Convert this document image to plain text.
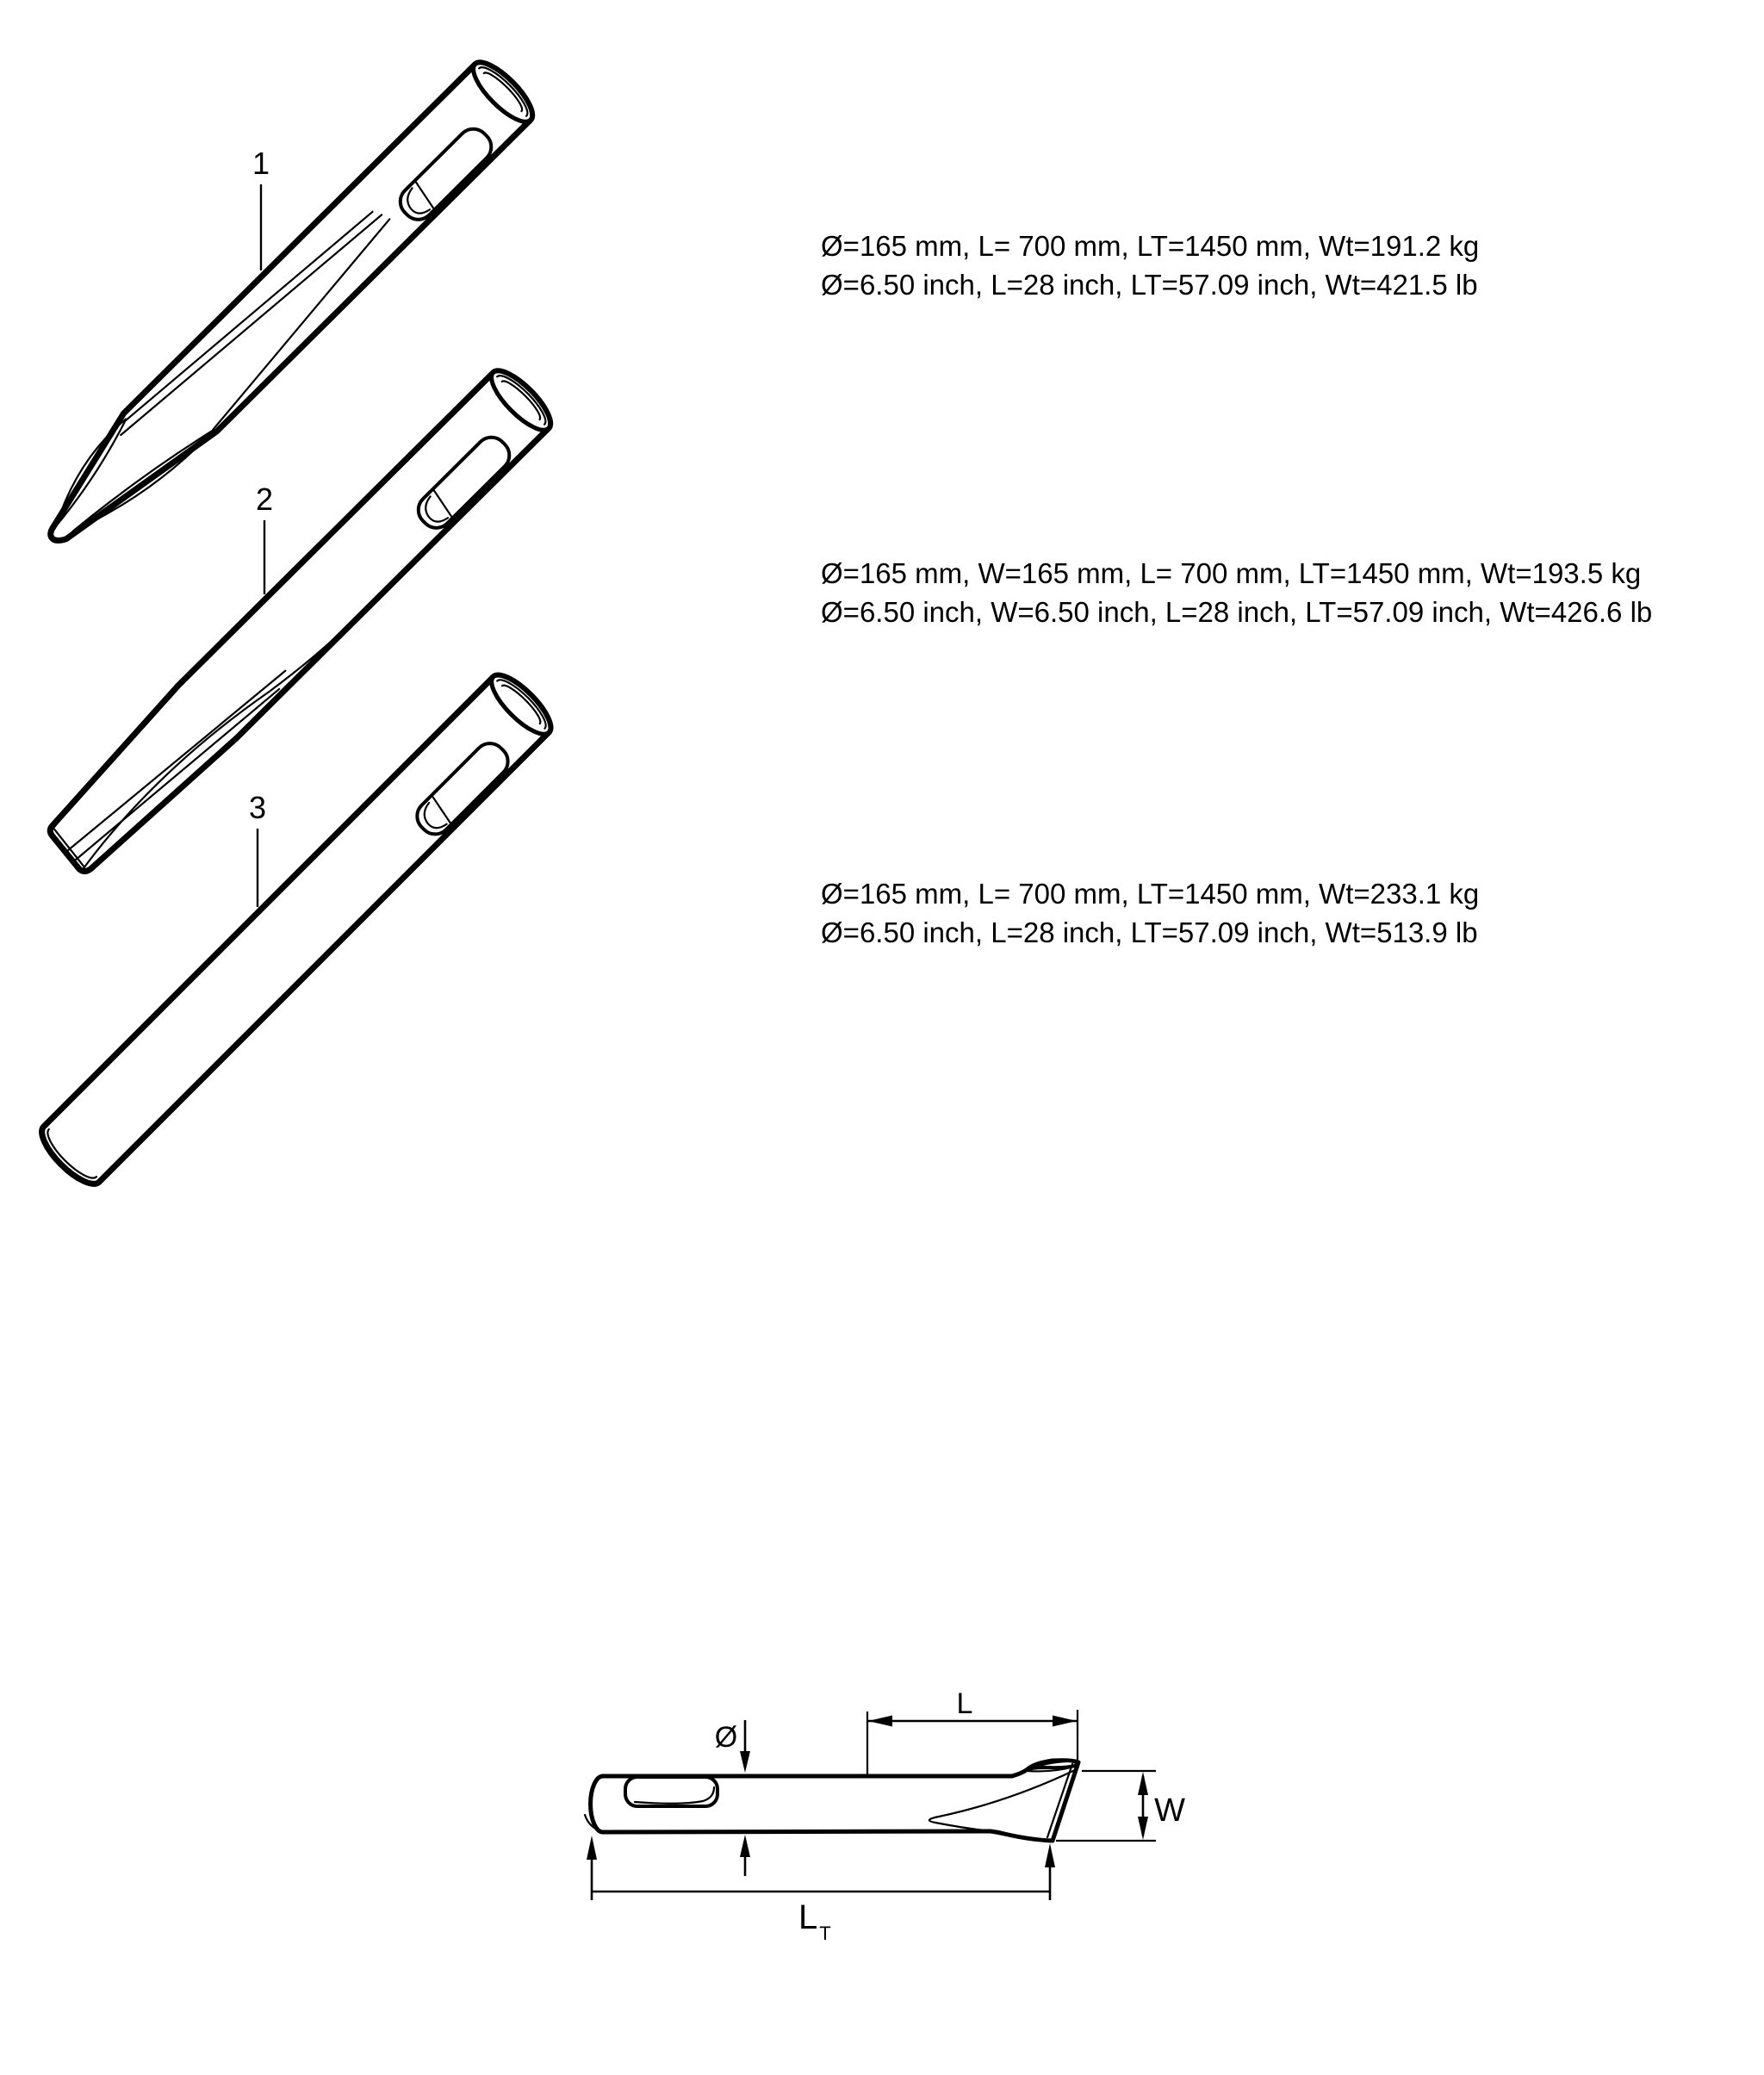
1
2
3
Ø
L
W
$L_T$
Ø=165 mm, L= 700 mm, LT=1450 mm, Wt=191.2 kg
Ø=6.50 inch, L=28 inch, LT=57.09 inch, Wt=421.5 lb
Ø=165 mm, W=165 mm, L= 700 mm, LT=1450 mm, Wt=193.5 kg
Ø=6.50 inch, W=6.50 inch, L=28 inch, LT=57.09 inch, Wt=426.6 lb
Ø=165 mm, L= 700 mm, LT=1450 mm, Wt=233.1 kg
Ø=6.50 inch, L=28 inch, LT=57.09 inch, Wt=513.9 lb
